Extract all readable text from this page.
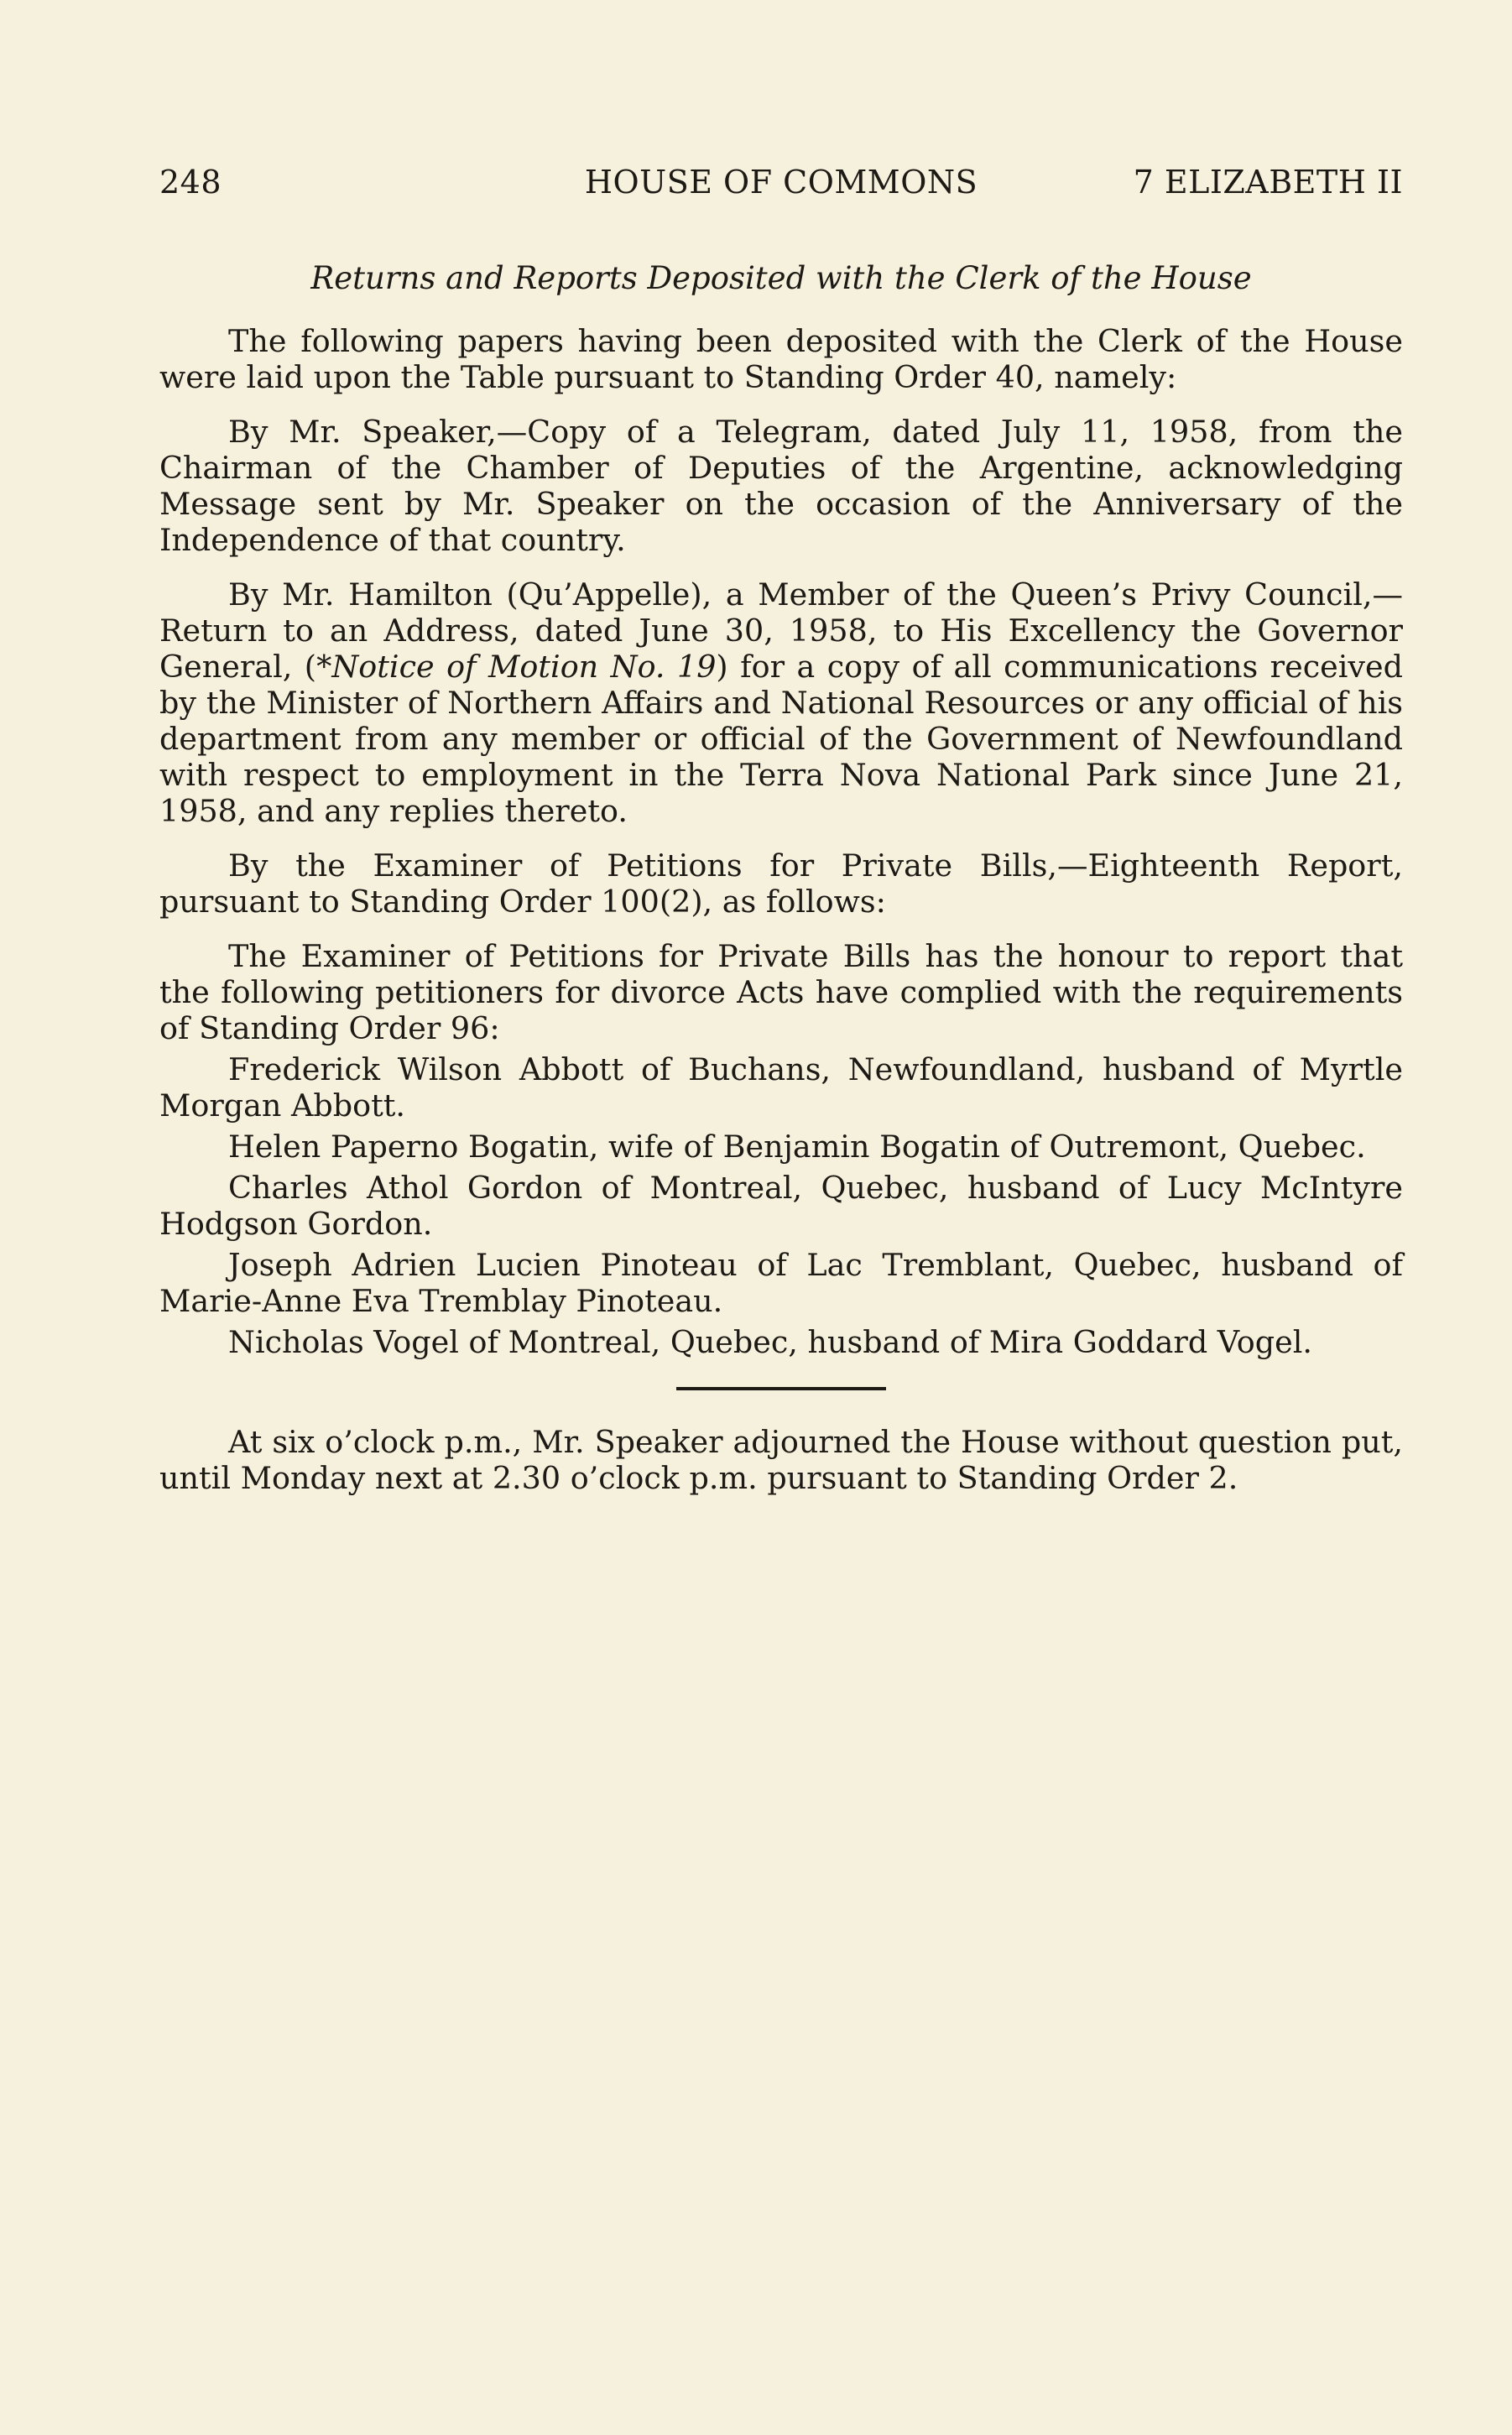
248	HOUSE OF COMMONS	7 ELIZABETH II
Returns and Reports Deposited with the Clerk of the House

The following papers having been deposited with the Clerk of the House were laid upon the Table pursuant to Standing Order 40, namely:

By Mr. Speaker,—Copy of a Telegram, dated July 11, 1958, from the Chairman of the Chamber of Deputies of the Argentine, acknowledging Message sent by Mr. Speaker on the occasion of the Anniversary of the Independence of that country.

By Mr. Hamilton (Qu’Appelle), a Member of the Queen’s Privy Council,—Return to an Address, dated June 30, 1958, to His Excellency the Governor General, (*Notice of Motion No. 19) for a copy of all communications received by the Minister of Northern Affairs and National Resources or any official of his department from any member or official of the Government of Newfoundland with respect to employment in the Terra Nova National Park since June 21, 1958, and any replies thereto.

By the Examiner of Petitions for Private Bills,—Eighteenth Report, pursuant to Standing Order 100(2), as follows:

The Examiner of Petitions for Private Bills has the honour to report that the following petitioners for divorce Acts have complied with the requirements of Standing Order 96:

Frederick Wilson Abbott of Buchans, Newfoundland, husband of Myrtle Morgan Abbott.

Helen Paperno Bogatin, wife of Benjamin Bogatin of Outremont, Quebec.

Charles Athol Gordon of Montreal, Quebec, husband of Lucy McIntyre Hodgson Gordon.

Joseph Adrien Lucien Pinoteau of Lac Tremblant, Quebec, husband of Marie-Anne Eva Tremblay Pinoteau.

Nicholas Vogel of Montreal, Quebec, husband of Mira Goddard Vogel.

At six o’clock p.m., Mr. Speaker adjourned the House without question put, until Monday next at 2.30 o’clock p.m. pursuant to Standing Order 2.
